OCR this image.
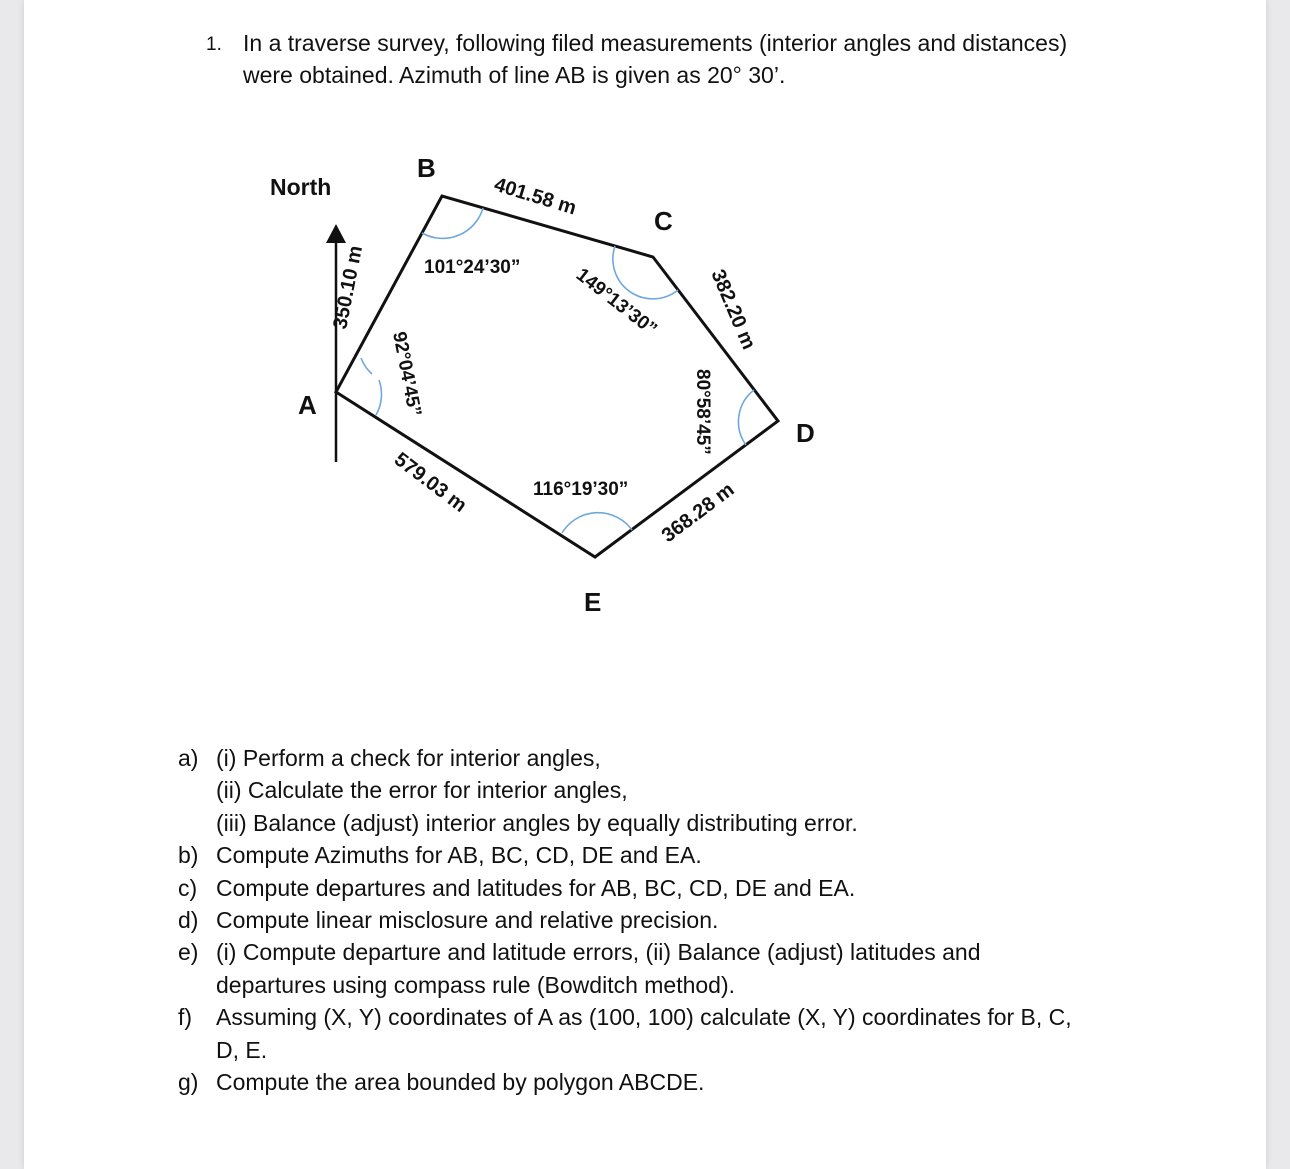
1. In a traverse survey, following filed measurements (interior angles and distances)
were obtained. Azimuth of line AB is given as 20° 30’.
North
B
C
A
D
E
350.10 m
401.58 m
382.20 m
368.28 m
579.03 m
92°04’45”
101°24’30”	149°13’30”
80°58’45”
116°19’30”
a) (i) Perform a check for interior angles,
(ii) Calculate the error for interior angles,
(iii) Balance (adjust) interior angles by equally distributing error.
b) Compute Azimuths for AB, BC, CD, DE and EA.
c) Compute departures and latitudes for AB, BC, CD, DE and EA.
d) Compute linear misclosure and relative precision.
e) (i) Compute departure and latitude errors, (ii) Balance (adjust) latitudes and
departures using compass rule (Bowditch method).
f) Assuming (X, Y) coordinates of A as (100, 100) calculate (X, Y) coordinates for B, C,
D, E.
g) Compute the area bounded by polygon ABCDE.
